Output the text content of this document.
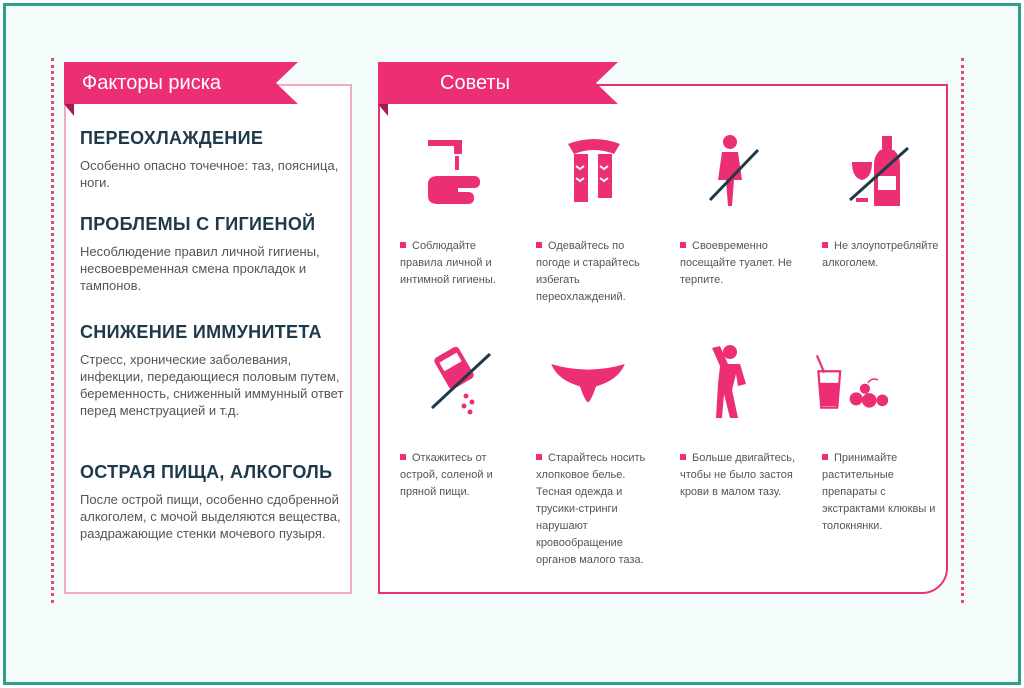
Факторы риска
ПЕРЕОХЛАЖДЕНИЕ
Особенно опасно точечное: таз, поясница, ноги.
ПРОБЛЕМЫ С ГИГИЕНОЙ
Несоблюдение правил личной гигиены, несвоевременная смена прокладок и тампонов.
СНИЖЕНИЕ ИММУНИТЕТА
Стресс, хронические заболевания, инфекции, передающиеся половым путем, беременность, сниженный иммунный ответ перед менструацией и т.д.
ОСТРАЯ ПИЩА, АЛКОГОЛЬ
После острой пищи, особенно сдобренной алкоголем, с мочой выделяются вещества, раздражающие стенки мочевого пузыря.
Советы
Соблюдайте правила личной и интимной гигиены.
Одевайтесь по погоде и старайтесь избегать переохлаждений.
Своевременно посещайте туалет. Не терпите.
Не злоупотребляйте алкоголем.
Откажитесь от острой, соленой и пряной пищи.
Старайтесь носить хлопковое белье. Тесная одежда и трусики-стринги нарушают кровообращение органов малого таза.
Больше двигайтесь, чтобы не было застоя крови в малом тазу.
Принимайте растительные препараты с экстрактами клюквы и толокнянки.
